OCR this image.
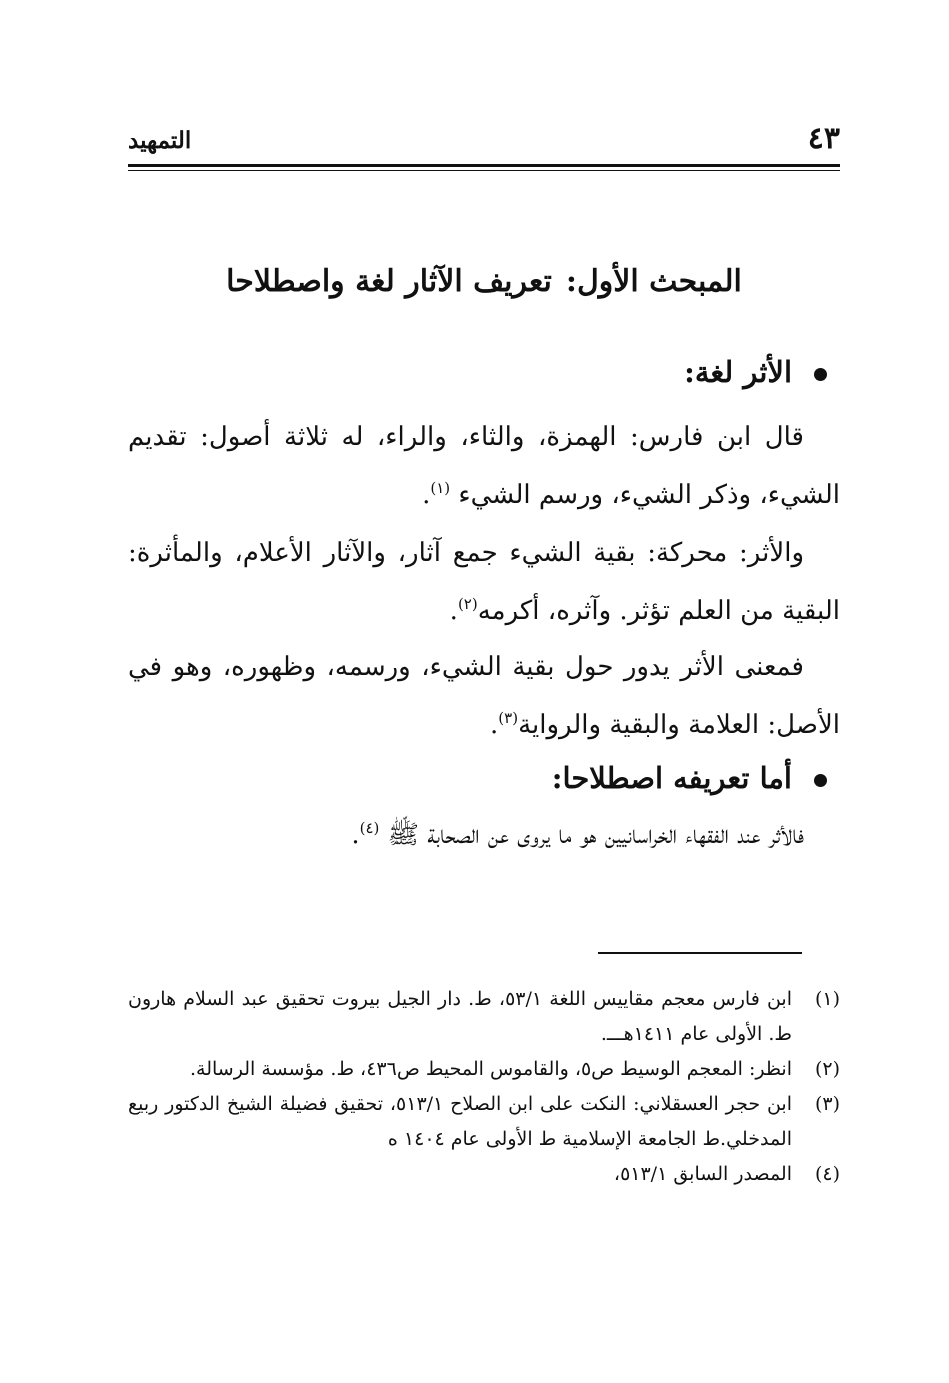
٤٣
التمهيد
المبحث الأول:تعريف الآثار لغة واصطلاحا
الأثر لغة:
قال ابن فارس: الهمزة، والثاء، والراء، له ثلاثة أصول: تقديم الشيء، وذكر الشيء، ورسم الشيء $^{(١)}$.
والأثر: محركة: بقية الشيء جمع آثار، والآثار الأعلام، والمأثرة: البقية من العلم تؤثر. وآثره، أكرمه$^{(٢)}$.
فمعنى الأثر يدور حول بقية الشيء، ورسمه، وظهوره، وهو في الأصل: العلامة والبقية والرواية$^{(٣)}$.
أما تعريفه اصطلاحا:
فالأثر عند الفقهاء الخراسانيين هو ما يروى عن الصحابة ﷺ $^{(٤)}$.
(١)
ابن فارس معجم مقاييس اللغة ٥٣/١، ط. دار الجيل بيروت تحقيق عبد السلام هارون ط. الأولى عام ١٤١١هـــ.
(٢)
انظر: المعجم الوسيط ص٥، والقاموس المحيط ص٤٣٦، ط. مؤسسة الرسالة.
(٣)
ابن حجر العسقلاني: النكت على ابن الصلاح ٥١٣/١، تحقيق فضيلة الشيخ الدكتور ربيع المدخلي.ط الجامعة الإسلامية ط الأولى عام ١٤٠٤ ه
(٤)
المصدر السابق ٥١٣/١،
